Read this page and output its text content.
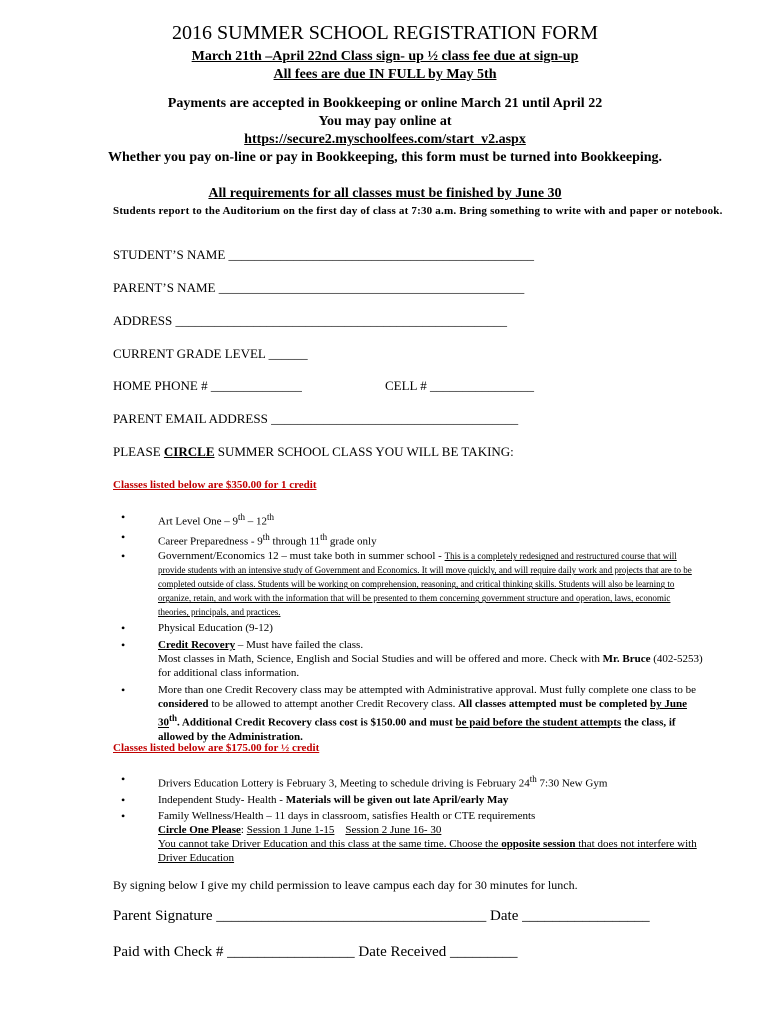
2016 SUMMER SCHOOL REGISTRATION FORM
March 21th –April 22nd Class sign- up ½ class fee due at sign-up
All fees are due IN FULL by May 5th
Payments are accepted in Bookkeeping or online March 21 until April 22
You may pay online at
https://secure2.myschoolfees.com/start_v2.aspx
Whether you pay on-line or pay in Bookkeeping, this form must be turned into Bookkeeping.
All requirements for all classes must be finished by June 30
Students report to the Auditorium on the first day of class at 7:30 a.m. Bring something to write with and paper or notebook.
STUDENT’S NAME _______________________________________________
PARENT’S NAME _______________________________________________
ADDRESS ___________________________________________________
CURRENT GRADE LEVEL ______
HOME PHONE # ______________	CELL # ________________
PARENT EMAIL ADDRESS ______________________________________
PLEASE CIRCLE SUMMER SCHOOL CLASS YOU WILL BE TAKING:
Classes listed below are $350.00 for 1 credit
• Art Level One – 9th – 12th
• Career Preparedness - 9th through 11th grade only
• Government/Economics 12 – must take both in summer school - This is a completely redesigned and restructured course that will provide students with an intensive study of Government and Economics. It will move quickly, and will require daily work and projects that are to be completed outside of class. Students will be working on comprehension, reasoning, and critical thinking skills. Students will also be learning to organize, retain, and work with the information that will be presented to them concerning government structure and operation, laws, economic theories, principals, and practices.
• Physical Education (9-12)
• Credit Recovery – Must have failed the class.
Most classes in Math, Science, English and Social Studies and will be offered and more. Check with Mr. Bruce (402-5253) for additional class information.
• More than one Credit Recovery class may be attempted with Administrative approval. Must fully complete one class to be considered to be allowed to attempt another Credit Recovery class. All classes attempted must be completed by June 30th. Additional Credit Recovery class cost is $150.00 and must be paid before the student attempts the class, if allowed by the Administration.
Classes listed below are $175.00 for ½ credit
• Drivers Education Lottery is February 3, Meeting to schedule driving is February 24th 7:30 New Gym
• Independent Study- Health - Materials will be given out late April/early May
• Family Wellness/Health – 11 days in classroom, satisfies Health or CTE requirements
Circle One Please: Session 1 June 1-15 Session 2 June 16- 30
You cannot take Driver Education and this class at the same time. Choose the opposite session that does not interfere with Driver Education
By signing below I give my child permission to leave campus each day for 30 minutes for lunch.
Parent Signature ____________________________________ Date _________________
Paid with Check # _________________ Date Received _________
